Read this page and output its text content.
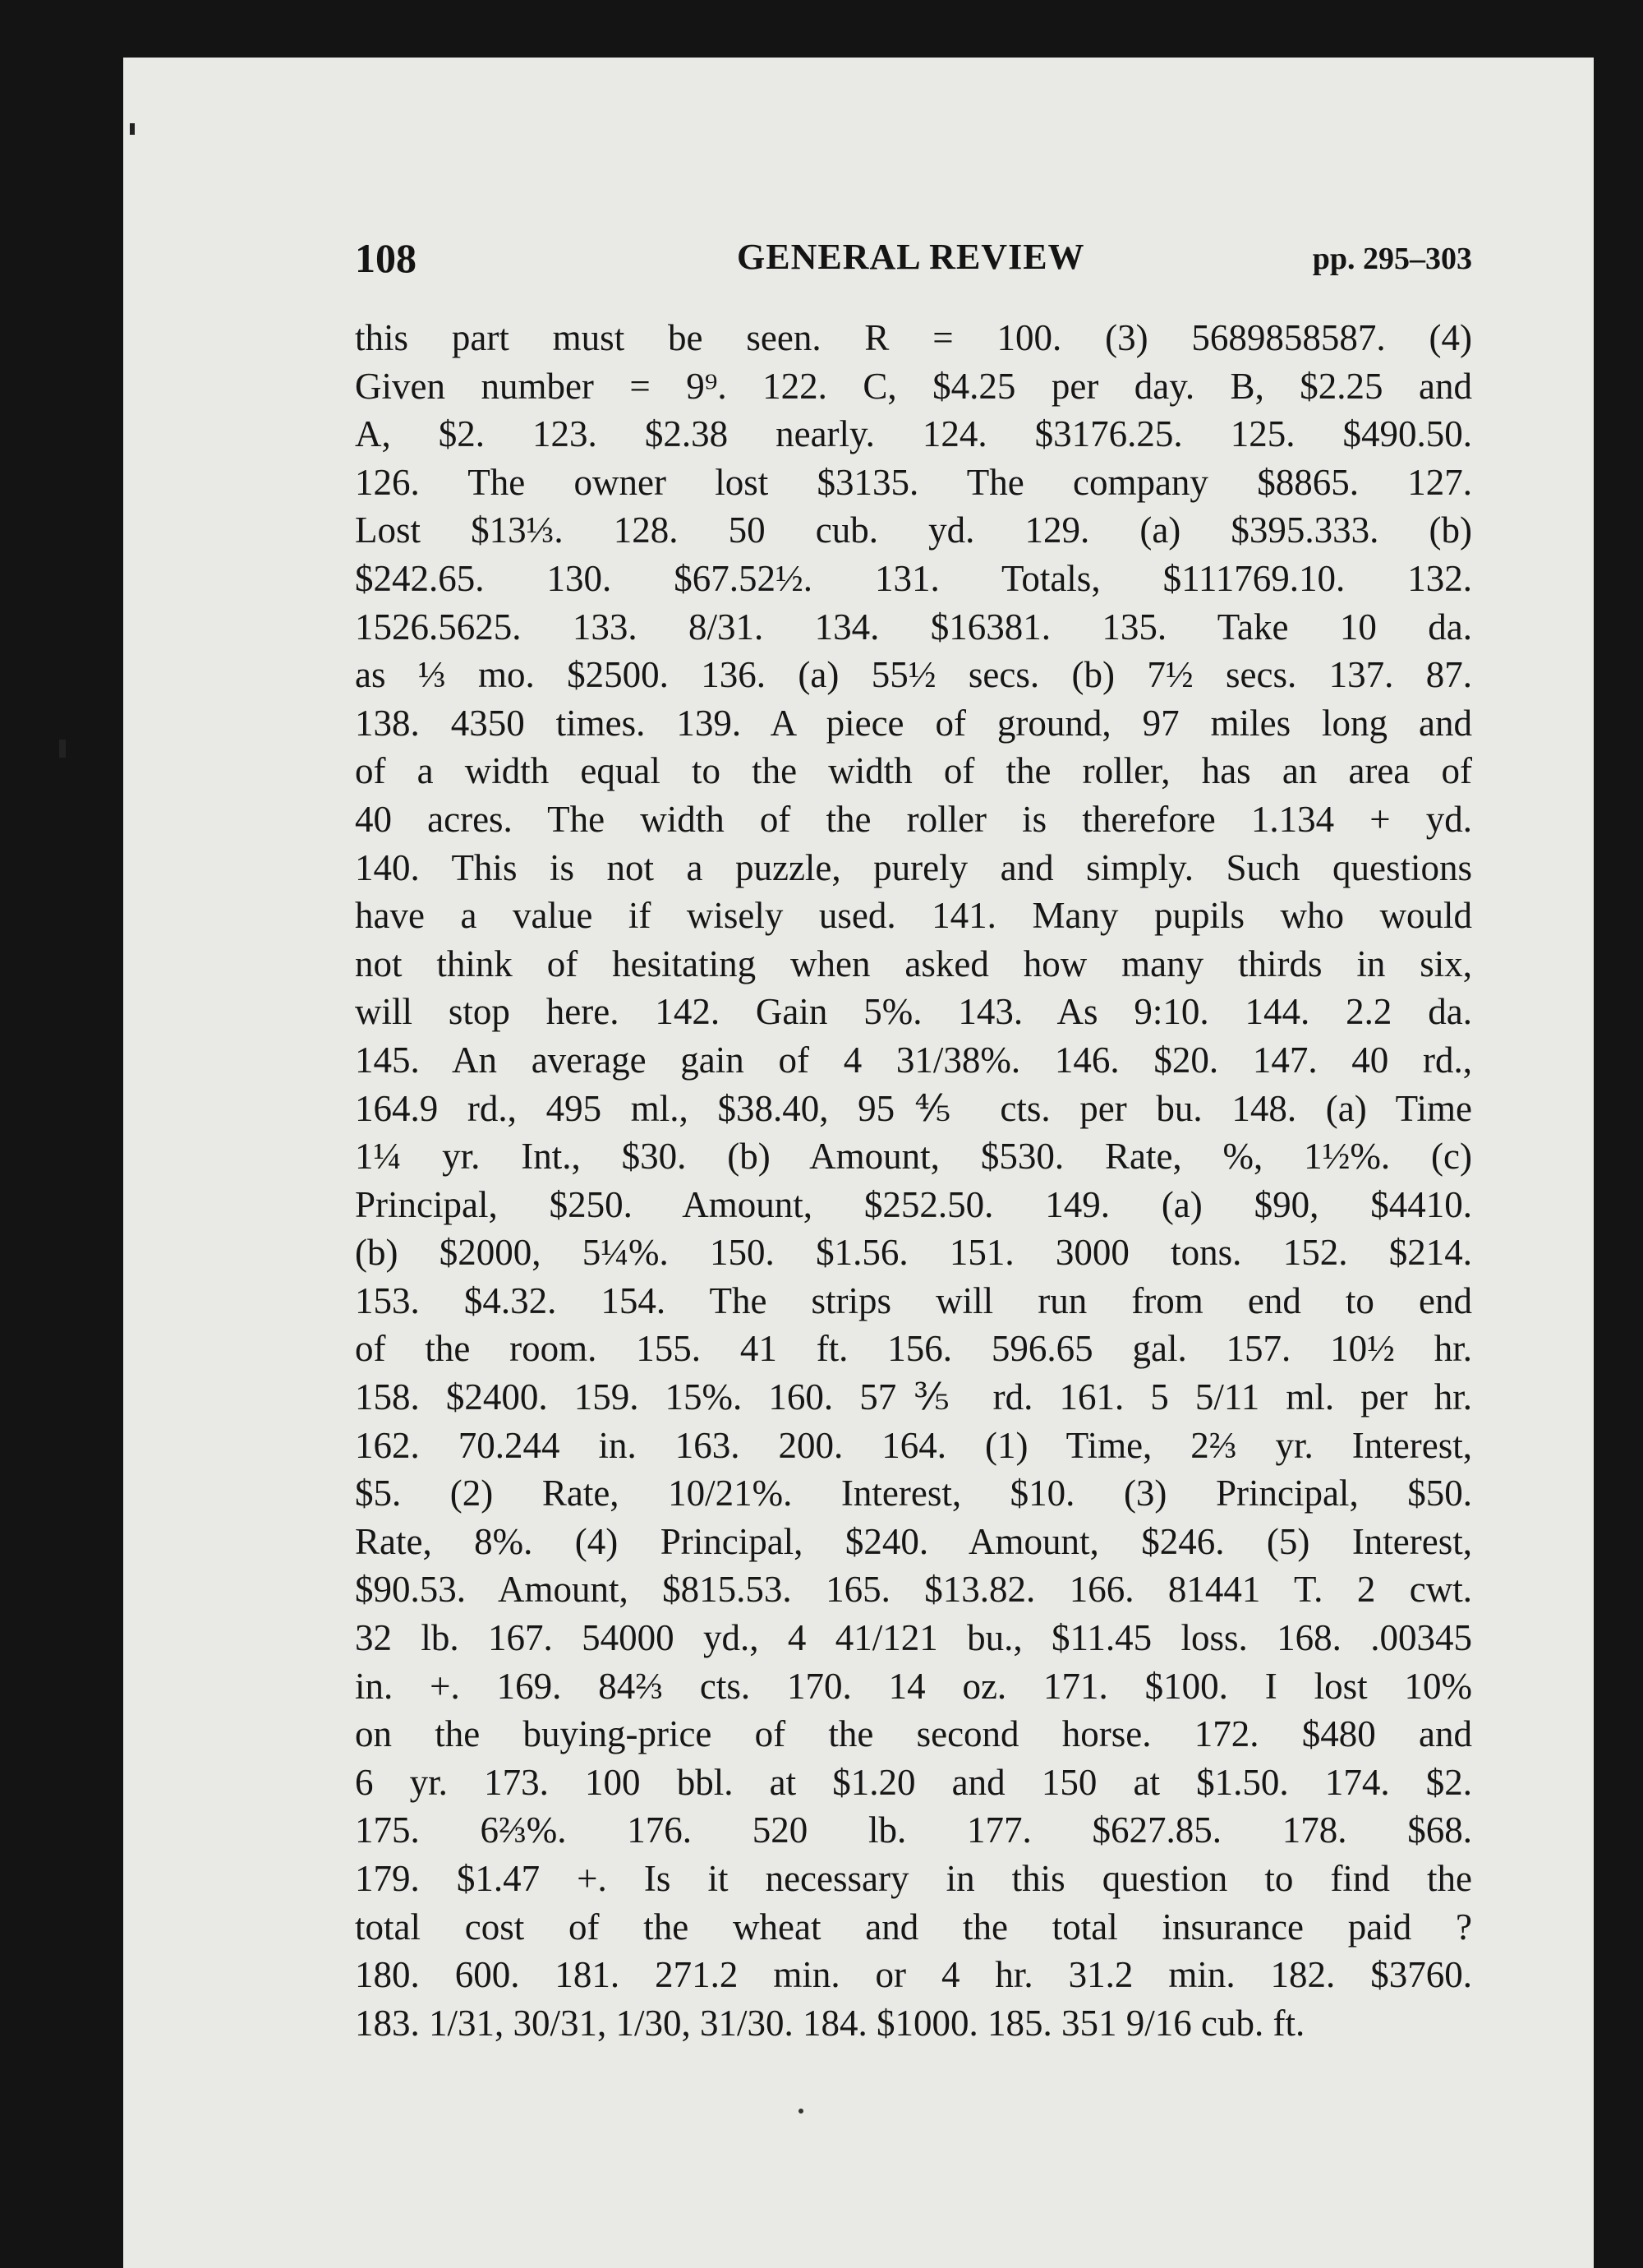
108	GENERAL REVIEW	pp. 295–303
this part must be seen. R = 100. (3) 5689858587. (4)
Given number = 9⁹. 122. C, $4.25 per day. B, $2.25 and
A, $2. 123. $2.38 nearly. 124. $3176.25. 125. $490.50.
126. The owner lost $3135. The company $8865. 127.
Lost $13⅓. 128. 50 cub. yd. 129. (a) $395.333. (b)
$242.65. 130. $67.52½. 131. Totals, $111769.10. 132.
1526.5625. 133. 8/31. 134. $16381. 135. Take 10 da.
as ⅓ mo. $2500. 136. (a) 55½ secs. (b) 7½ secs. 137. 87.
138. 4350 times. 139. A piece of ground, 97 miles long and
of a width equal to the width of the roller, has an area of
40 acres. The width of the roller is therefore 1.134 + yd.
140. This is not a puzzle, purely and simply. Such questions
have a value if wisely used. 141. Many pupils who would
not think of hesitating when asked how many thirds in six,
will stop here. 142. Gain 5%. 143. As 9:10. 144. 2.2 da.
145. An average gain of 4 31/38%. 146. $20. 147. 40 rd.,
164.9 rd., 495 ml., $38.40, 95⅘ cts. per bu. 148. (a) Time
1¼ yr. Int., $30. (b) Amount, $530. Rate, %, 1½%. (c)
Principal, $250. Amount, $252.50. 149. (a) $90, $4410.
(b) $2000, 5¼%. 150. $1.56. 151. 3000 tons. 152. $214.
153. $4.32. 154. The strips will run from end to end
of the room. 155. 41 ft. 156. 596.65 gal. 157. 10½ hr.
158. $2400. 159. 15%. 160. 57⅗ rd. 161. 5 5/11 ml. per hr.
162. 70.244 in. 163. 200. 164. (1) Time, 2⅔ yr. Interest,
$5. (2) Rate, 10/21%. Interest, $10. (3) Principal, $50.
Rate, 8%. (4) Principal, $240. Amount, $246. (5) Interest,
$90.53. Amount, $815.53. 165. $13.82. 166. 81441 T. 2 cwt.
32 lb. 167. 54000 yd., 4 41/121 bu., $11.45 loss. 168. .00345
in. +. 169. 84⅔ cts. 170. 14 oz. 171. $100. I lost 10%
on the buying-price of the second horse. 172. $480 and
6 yr. 173. 100 bbl. at $1.20 and 150 at $1.50. 174. $2.
175. 6⅔%. 176. 520 lb. 177. $627.85. 178. $68.
179. $1.47 +. Is it necessary in this question to find the
total cost of the wheat and the total insurance paid ?
180. 600. 181. 271.2 min. or 4 hr. 31.2 min. 182. $3760.
183. 1/31, 30/31, 1/30, 31/30. 184. $1000. 185. 351 9/16 cub. ft.
